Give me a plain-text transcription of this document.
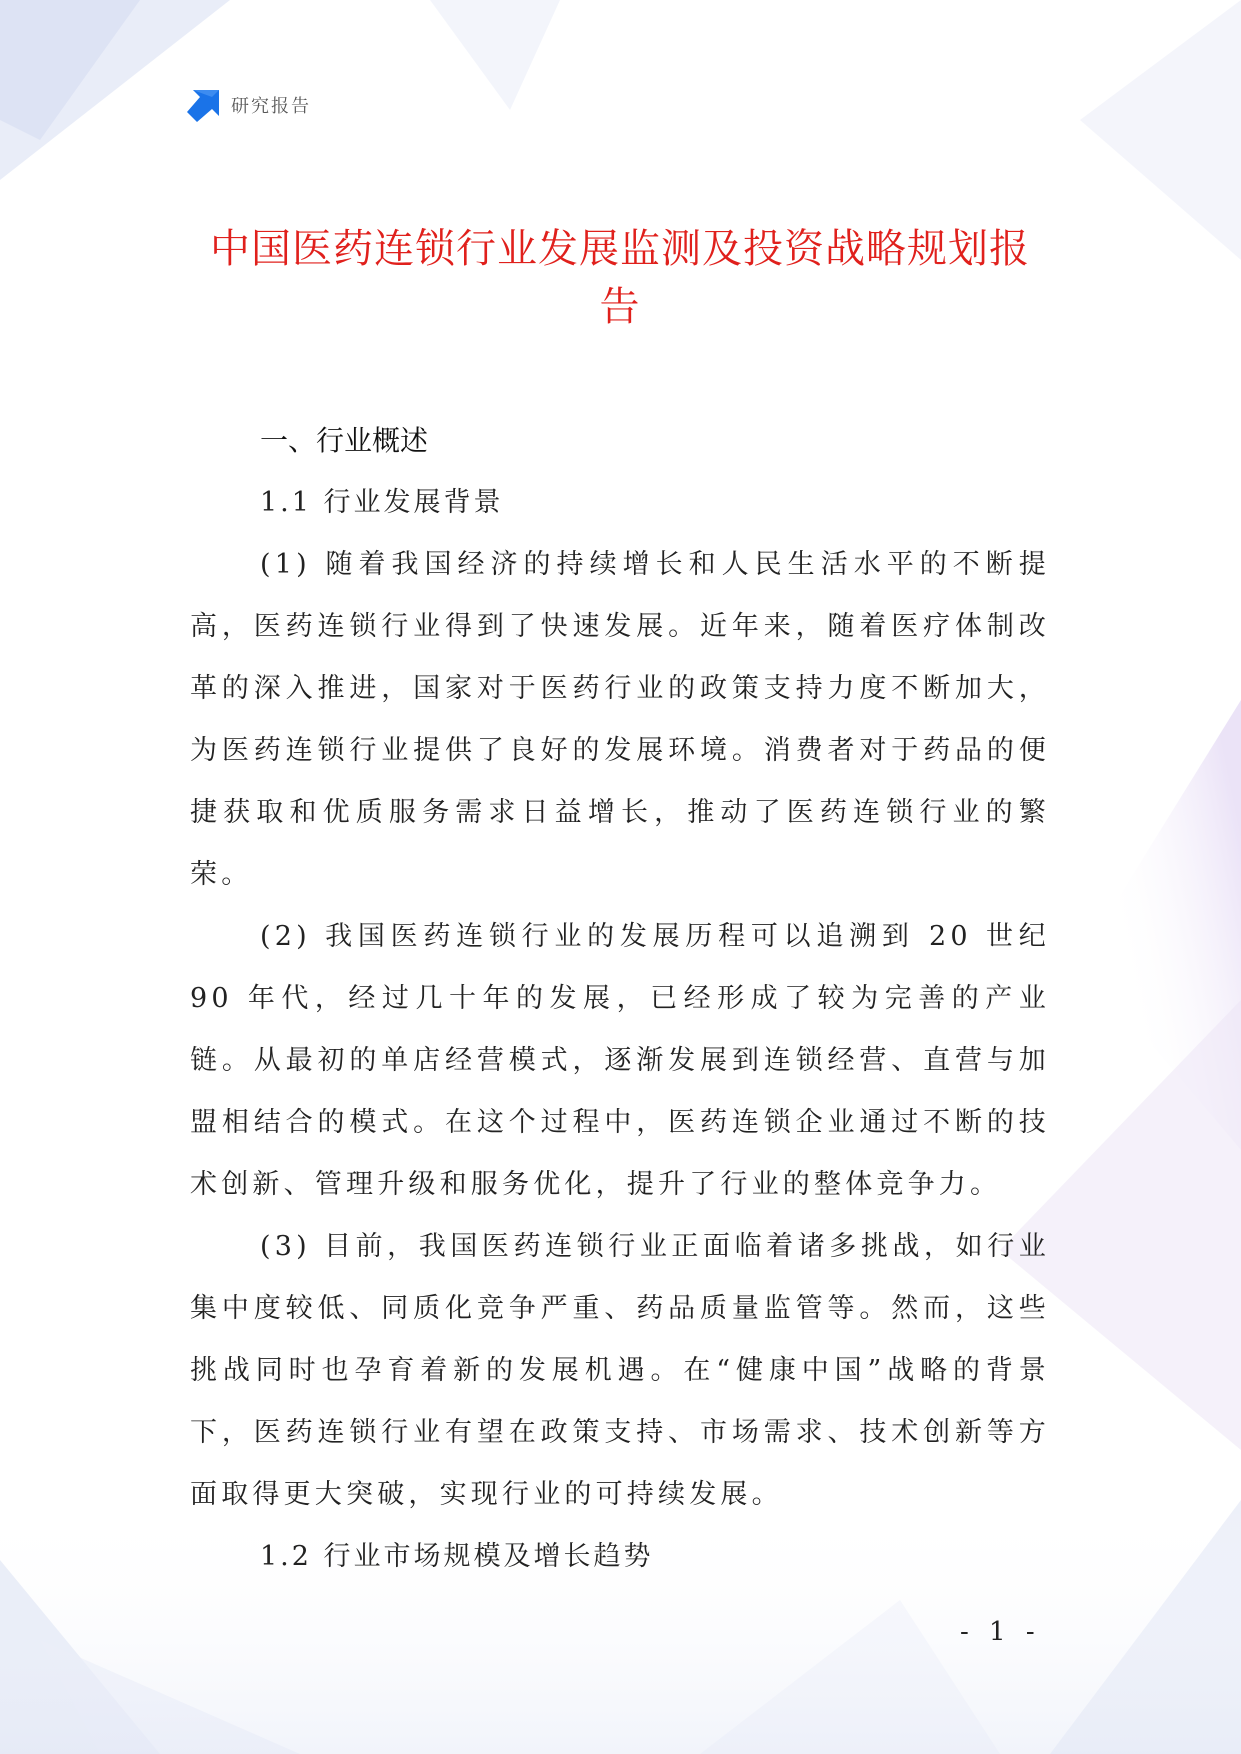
研究报告
中国医药连锁行业发展监测及投资战略规划报告

一、行业概述

1.1 行业发展背景

(1) 随着我国经济的持续增长和人民生活水平的不断提高，医药连锁行业得到了快速发展。近年来，随着医疗体制改革的深入推进，国家对于医药行业的政策支持力度不断加大，为医药连锁行业提供了良好的发展环境。消费者对于药品的便捷获取和优质服务需求日益增长，推动了医药连锁行业的繁荣。

(2) 我国医药连锁行业的发展历程可以追溯到 20 世纪 90 年代，经过几十年的发展，已经形成了较为完善的产业链。从最初的单店经营模式，逐渐发展到连锁经营、直营与加盟相结合的模式。在这个过程中，医药连锁企业通过不断的技术创新、管理升级和服务优化，提升了行业的整体竞争力。

(3) 目前，我国医药连锁行业正面临着诸多挑战，如行业集中度较低、同质化竞争严重、药品质量监管等。然而，这些挑战同时也孕育着新的发展机遇。在“健康中国”战略的背景下，医药连锁行业有望在政策支持、市场需求、技术创新等方面取得更大突破，实现行业的可持续发展。

1.2 行业市场规模及增长趋势

- 1 -
